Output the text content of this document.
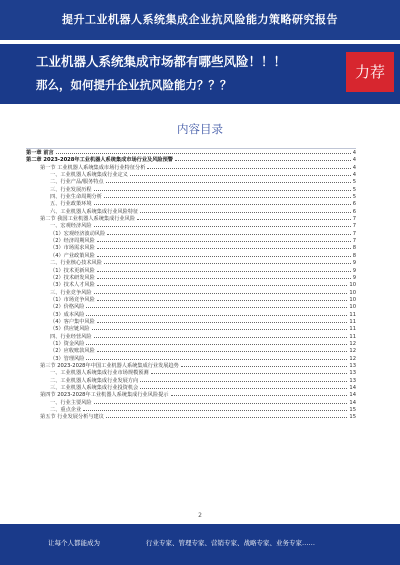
提升工业机器人系统集成企业抗风险能力策略研究报告
工业机器人系统集成市场都有哪些风险！！！
那么，如何提升企业抗风险能力？？？
力荐
内容目录
第一章 前言	4
第二章 2023-2028年工业机器人系统集成市场行业及风险预警	4
第一节 工业机器人系统集成市场行业特征分析	4
一、工业机器人系统集成行业定义	4
二、行业产品/服务特点	5
三、行业发展历程	5
四、行业生命周期分析	5
五、行业政策环境	6
六、工业机器人系统集成行业风险特征	6
第二节 我国工业机器人系统集成行业风险	7
一、宏观经济风险	7
（1）宏观经济波动风险	7
（2）经济周期风险	7
（3）市场需求风险	8
（4）产业政策风险	8
二、行业核心技术风险	9
（1）技术更新风险	9
（2）技术研发风险	9
（3）技术人才风险	10
三、行业竞争风险	10
（1）市场竞争风险	10
（2）价格风险	10
（3）成本风险	11
（4）客户集中风险	11
（5）供应链风险	11
四、行业经营风险	11
（1）资金风险	12
（2）应收账款风险	12
（3）管理风险	12
第三节 2023-2028年中国工业机器人系统集成行业发展趋势	13
一、工业机器人系统集成行业市场规模预测	13
二、工业机器人系统集成行业发展方向	13
三、工业机器人系统集成行业投资机会	14
第四节 2023-2028年工业机器人系统集成行业风险提示	14
一、行业主要风险	14
二、重点企业	15
第五节 行业发展分析与建议	15
2
让每个人都能成为	行业专家、管理专家、营销专家、战略专家、业务专家……
